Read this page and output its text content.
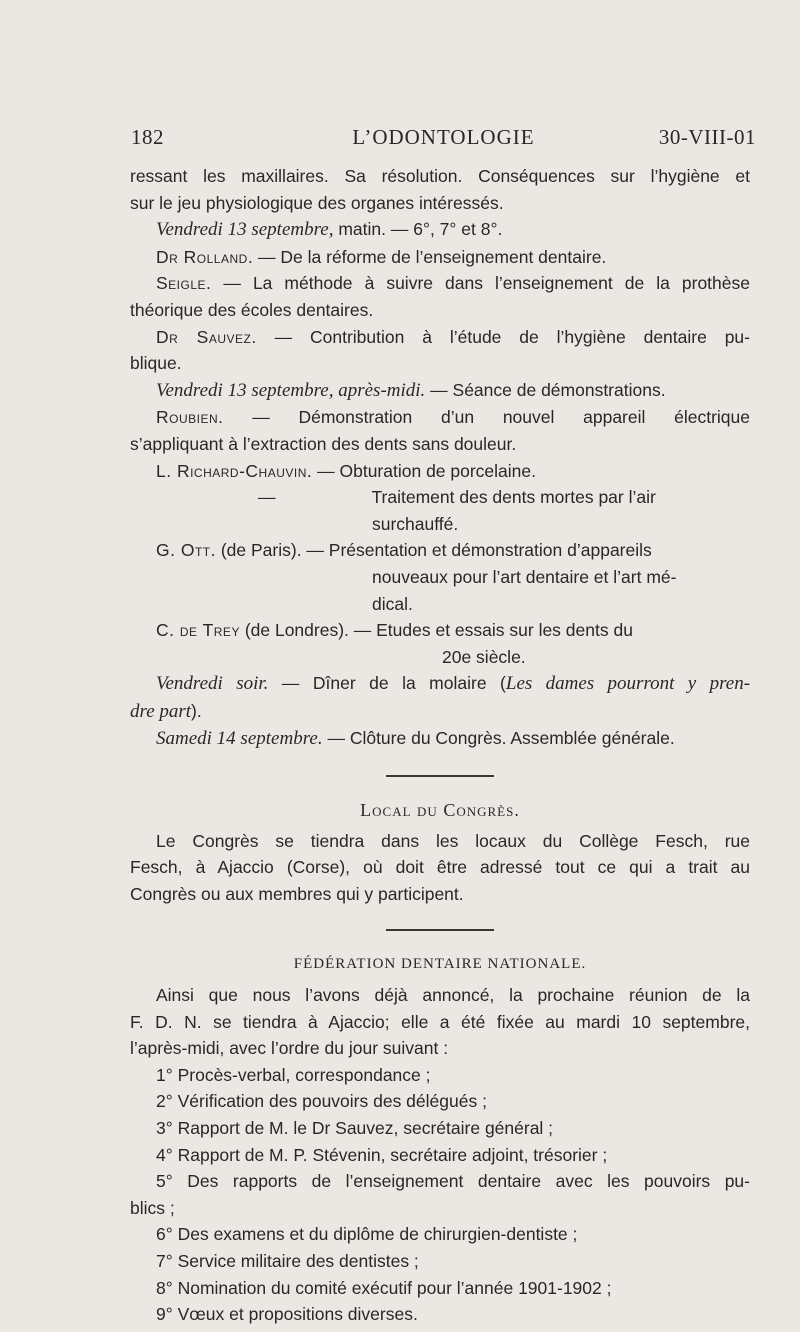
182	L’ODONTOLOGIE	30-VIII-01

ressant les maxillaires. Sa résolution. Conséquences sur l’hygiène et

sur le jeu physiologique des organes intéressés.

Vendredi 13 septembre, matin. — 6°, 7° et 8°.

Dr Rolland. — De la réforme de l’enseignement dentaire.

Seigle. — La méthode à suivre dans l’enseignement de la prothèse

théorique des écoles dentaires.

Dr Sauvez. — Contribution à l’étude de l’hygiène dentaire pu-

blique.

Vendredi 13 septembre, après-midi. — Séance de démonstrations.

Roubien. — Démonstration d’un nouvel appareil électrique

s’appliquant à l’extraction des dents sans douleur.

L. Richard-Chauvin. — Obturation de porcelaine.

—	Traitement des dents mortes par l’air

surchauffé.

G. Ott. (de Paris). — Présentation et démonstration d’appareils

nouveaux pour l’art dentaire et l’art mé-

dical.

C. de Trey (de Londres). — Etudes et essais sur les dents du

20e siècle.

Vendredi soir. — Dîner de la molaire (Les dames pourront y pren-

dre part).

Samedi 14 septembre. — Clôture du Congrès. Assemblée générale.

Local du Congrès.

Le Congrès se tiendra dans les locaux du Collège Fesch, rue

Fesch, à Ajaccio (Corse), où doit être adressé tout ce qui a trait au

Congrès ou aux membres qui y participent.

FÉDÉRATION DENTAIRE NATIONALE.

Ainsi que nous l’avons déjà annoncé, la prochaine réunion de la

F. D. N. se tiendra à Ajaccio; elle a été fixée au mardi 10 septembre,

l’après-midi, avec l’ordre du jour suivant :

1° Procès-verbal, correspondance ;

2° Vérification des pouvoirs des délégués ;

3° Rapport de M. le Dr Sauvez, secrétaire général ;

4° Rapport de M. P. Stévenin, secrétaire adjoint, trésorier ;

5° Des rapports de l’enseignement dentaire avec les pouvoirs pu-

blics ;

6° Des examens et du diplôme de chirurgien-dentiste ;

7° Service militaire des dentistes ;

8° Nomination du comité exécutif pour l’année 1901-1902 ;

9° Vœux et propositions diverses.
